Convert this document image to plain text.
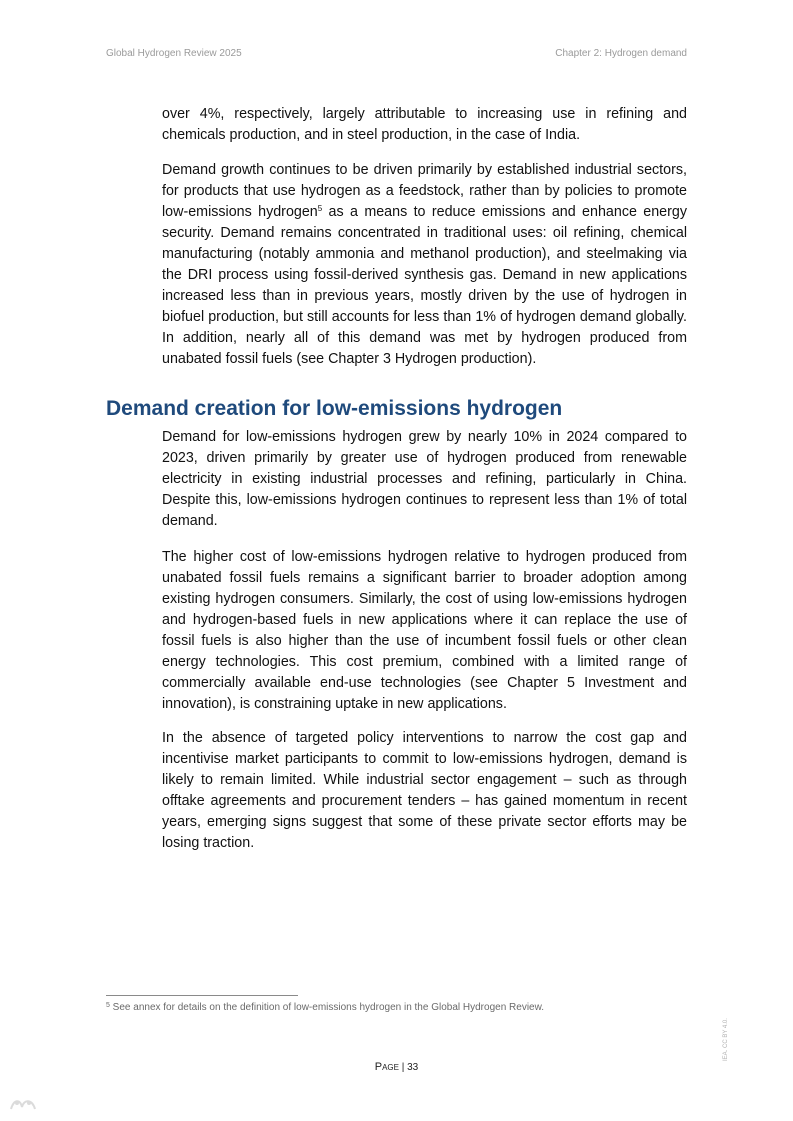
Global Hydrogen Review 2025	Chapter 2: Hydrogen demand

over 4%, respectively, largely attributable to increasing use in refining and chemicals production, and in steel production, in the case of India.

Demand growth continues to be driven primarily by established industrial sectors, for products that use hydrogen as a feedstock, rather than by policies to promote low-emissions hydrogen$^5$ as a means to reduce emissions and enhance energy security. Demand remains concentrated in traditional uses: oil refining, chemical manufacturing (notably ammonia and methanol production), and steelmaking via the DRI process using fossil-derived synthesis gas. Demand in new applications increased less than in previous years, mostly driven by the use of hydrogen in biofuel production, but still accounts for less than 1% of hydrogen demand globally. In addition, nearly all of this demand was met by hydrogen produced from unabated fossil fuels (see Chapter 3 Hydrogen production).

Demand creation for low-emissions hydrogen

Demand for low-emissions hydrogen grew by nearly 10% in 2024 compared to 2023, driven primarily by greater use of hydrogen produced from renewable electricity in existing industrial processes and refining, particularly in China. Despite this, low-emissions hydrogen continues to represent less than 1% of total demand.

The higher cost of low-emissions hydrogen relative to hydrogen produced from unabated fossil fuels remains a significant barrier to broader adoption among existing hydrogen consumers. Similarly, the cost of using low-emissions hydrogen and hydrogen-based fuels in new applications where it can replace the use of fossil fuels is also higher than the use of incumbent fossil fuels or other clean energy technologies. This cost premium, combined with a limited range of commercially available end-use technologies (see Chapter 5 Investment and innovation), is constraining uptake in new applications.

In the absence of targeted policy interventions to narrow the cost gap and incentivise market participants to commit to low-emissions hydrogen, demand is likely to remain limited. While industrial sector engagement – such as through offtake agreements and procurement tenders – has gained momentum in recent years, emerging signs suggest that some of these private sector efforts may be losing traction.

$^5$ See annex for details on the definition of low-emissions hydrogen in the Global Hydrogen Review.
Page | 33
IEA. CC BY 4.0.
